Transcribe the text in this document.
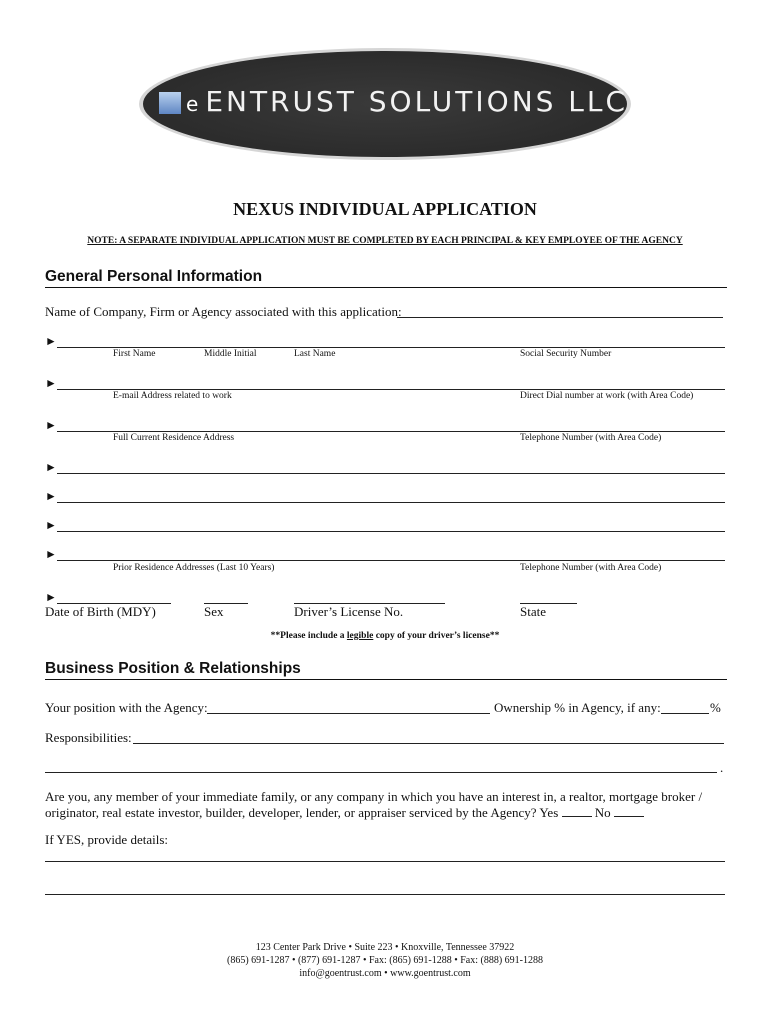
e ENTRUST SOLUTIONS LLC
NEXUS INDIVIDUAL APPLICATION
NOTE: A SEPARATE INDIVIDUAL APPLICATION MUST BE COMPLETED BY EACH PRINCIPAL & KEY EMPLOYEE OF THE AGENCY
General Personal Information
Name of Company, Firm or Agency associated with this application:
►
First Name	Middle Initial	Last Name	Social Security Number
►
E-mail Address related to work	Direct Dial number at work (with Area Code)
►
Full Current Residence Address	Telephone Number (with Area Code)
►
►
►
►
Prior Residence Addresses (Last 10 Years)	Telephone Number (with Area Code)
►
Date of Birth (MDY)	Sex	Driver’s License No.	State
**Please include a legible copy of your driver’s license**
Business Position & Relationships
Your position with the Agency:	Ownership % in Agency, if any:	%
Responsibilities:
.
Are you, any member of your immediate family, or any company in which you have an interest in, a realtor, mortgage broker /
originator, real estate investor, builder, developer, lender, or appraiser serviced by the Agency? Yes	No
If YES, provide details:
123 Center Park Drive • Suite 223 • Knoxville, Tennessee 37922
(865) 691-1287 • (877) 691-1287 • Fax: (865) 691-1288 • Fax: (888) 691-1288
info@goentrust.com • www.goentrust.com
